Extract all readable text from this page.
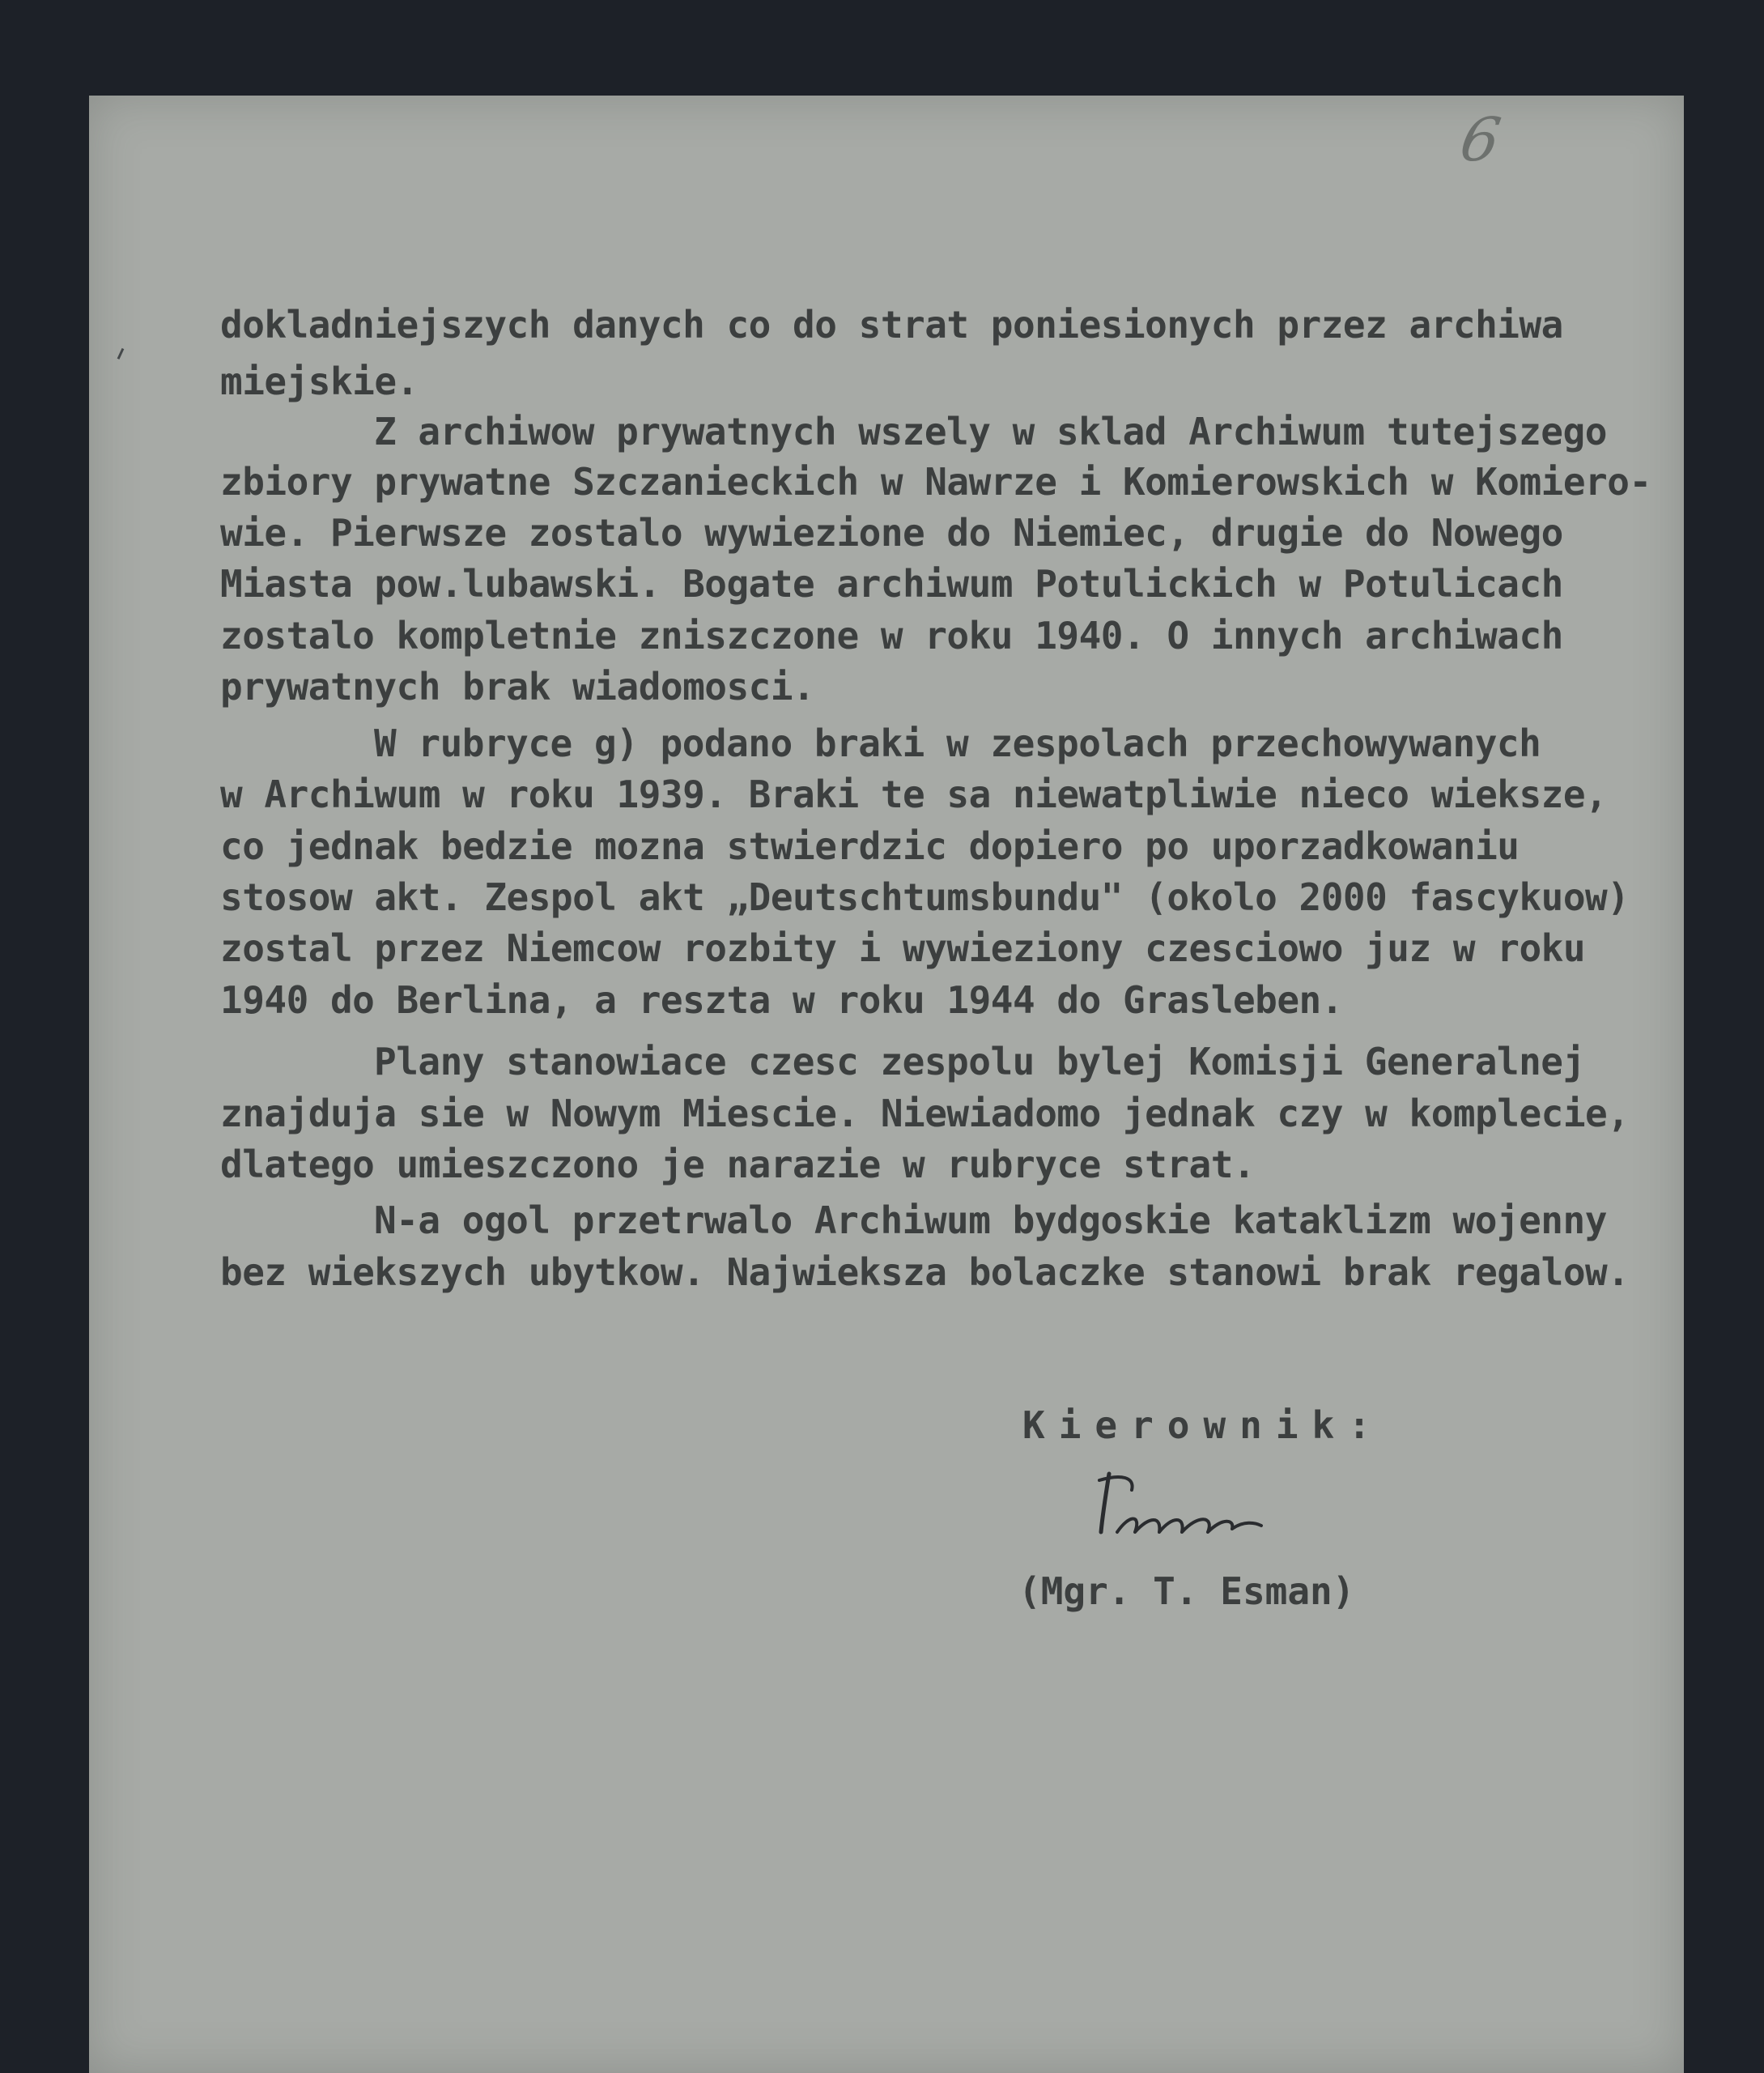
6
dokladniejszych danych co do strat poniesionych przez archiwa
miejskie.
Z archiwow prywatnych wszely w sklad Archiwum tutejszego
zbiory prywatne Szczanieckich w Nawrze i Komierowskich w Komiero-
wie. Pierwsze zostalo wywiezione do Niemiec, drugie do Nowego
Miasta pow.lubawski. Bogate archiwum Potulickich w Potulicach
zostalo kompletnie zniszczone w roku 1940. O innych archiwach
prywatnych brak wiadomosci.
W rubryce g) podano braki w zespolach przechowywanych
w Archiwum w roku 1939. Braki te sa niewatpliwie nieco wieksze,
co jednak bedzie mozna stwierdzic dopiero po uporzadkowaniu
stosow akt. Zespol akt „Deutschtumsbundu" (okolo 2000 fascykuow)
zostal przez Niemcow rozbity i wywieziony czesciowo juz w roku
1940 do Berlina, a reszta w roku 1944 do Grasleben.
Plany stanowiace czesc zespolu bylej Komisji Generalnej
znajduja sie w Nowym Miescie. Niewiadomo jednak czy w komplecie,
dlatego umieszczono je narazie w rubryce strat.
N-a ogol przetrwalo Archiwum bydgoskie kataklizm wojenny
bez wiekszych ubytkow. Najwieksza bolaczke stanowi brak regalow.
Kierownik:
(Mgr. T. Esman)
